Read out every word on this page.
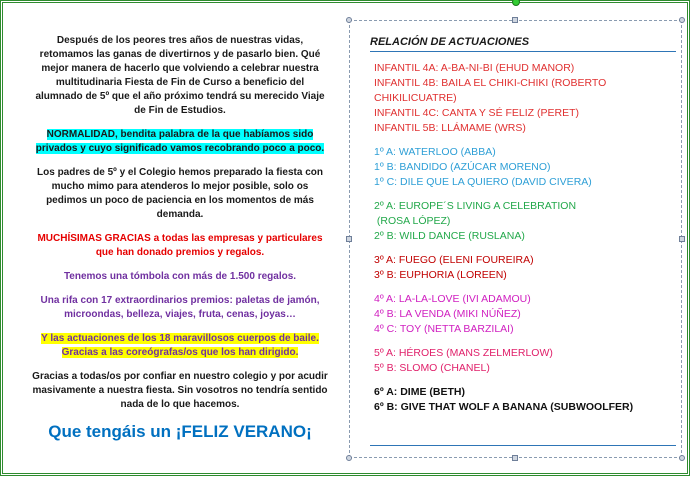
Después de los peores tres años de nuestras vidas, retomamos las ganas de divertirnos y de pasarlo bien. Qué mejor manera de hacerlo que volviendo a celebrar nuestra multitudinaria Fiesta de Fin de Curso a beneficio del alumnado de 5º que el año próximo tendrá su merecido Viaje de Fin de Estudios.

NORMALIDAD, bendita palabra de la que habíamos sido privados y cuyo significado vamos recobrando poco a poco.

Los padres de 5º y el Colegio hemos preparado la fiesta con mucho mimo para atenderos lo mejor posible, solo os pedimos un poco de paciencia en los momentos de más demanda.

MUCHÍSIMAS GRACIAS a todas las empresas y particulares que han donado premios y regalos.

Tenemos una tómbola con más de 1.500 regalos.

Una rifa con 17 extraordinarios premios: paletas de jamón, microondas, belleza, viajes, fruta, cenas, joyas…

Y las actuaciones de los 18 maravillosos cuerpos de baile. Gracias a las coreógrafas/os que los han dirigido.

Gracias a todas/os por confiar en nuestro colegio y por acudir masivamente a nuestra fiesta. Sin vosotros no tendría sentido nada de lo que hacemos.

Que tengáis un ¡FELIZ VERANO¡

RELACIÓN DE ACTUACIONES
INFANTIL 4A: A-BA-NI-BI (EHUD MANOR)
INFANTIL 4B: BAILA EL CHIKI-CHIKI (ROBERTO CHIKILICUATRE)
INFANTIL 4C: CANTA Y SÉ FELIZ (PERET)
INFANTIL 5B: LLÁMAME (WRS)
1º A: WATERLOO (ABBA)
1º B: BANDIDO (AZÚCAR MORENO)
1º C: DILE QUE LA QUIERO (DAVID CIVERA)
2º A: EUROPE´S LIVING A CELEBRATION
(ROSA LÓPEZ)
2º B: WILD DANCE (RUSLANA)
3º A: FUEGO (ELENI FOUREIRA)
3º B: EUPHORIA (LOREEN)
4º A: LA-LA-LOVE (IVI ADAMOU)
4º B: LA VENDA (MIKI NÚÑEZ)
4º C: TOY (NETTA BARZILAI)
5º A: HÉROES (MANS ZELMERLOW)
5º B: SLOMO (CHANEL)
6º A: DIME (BETH)
6º B: GIVE THAT WOLF A BANANA (SUBWOOLFER)
